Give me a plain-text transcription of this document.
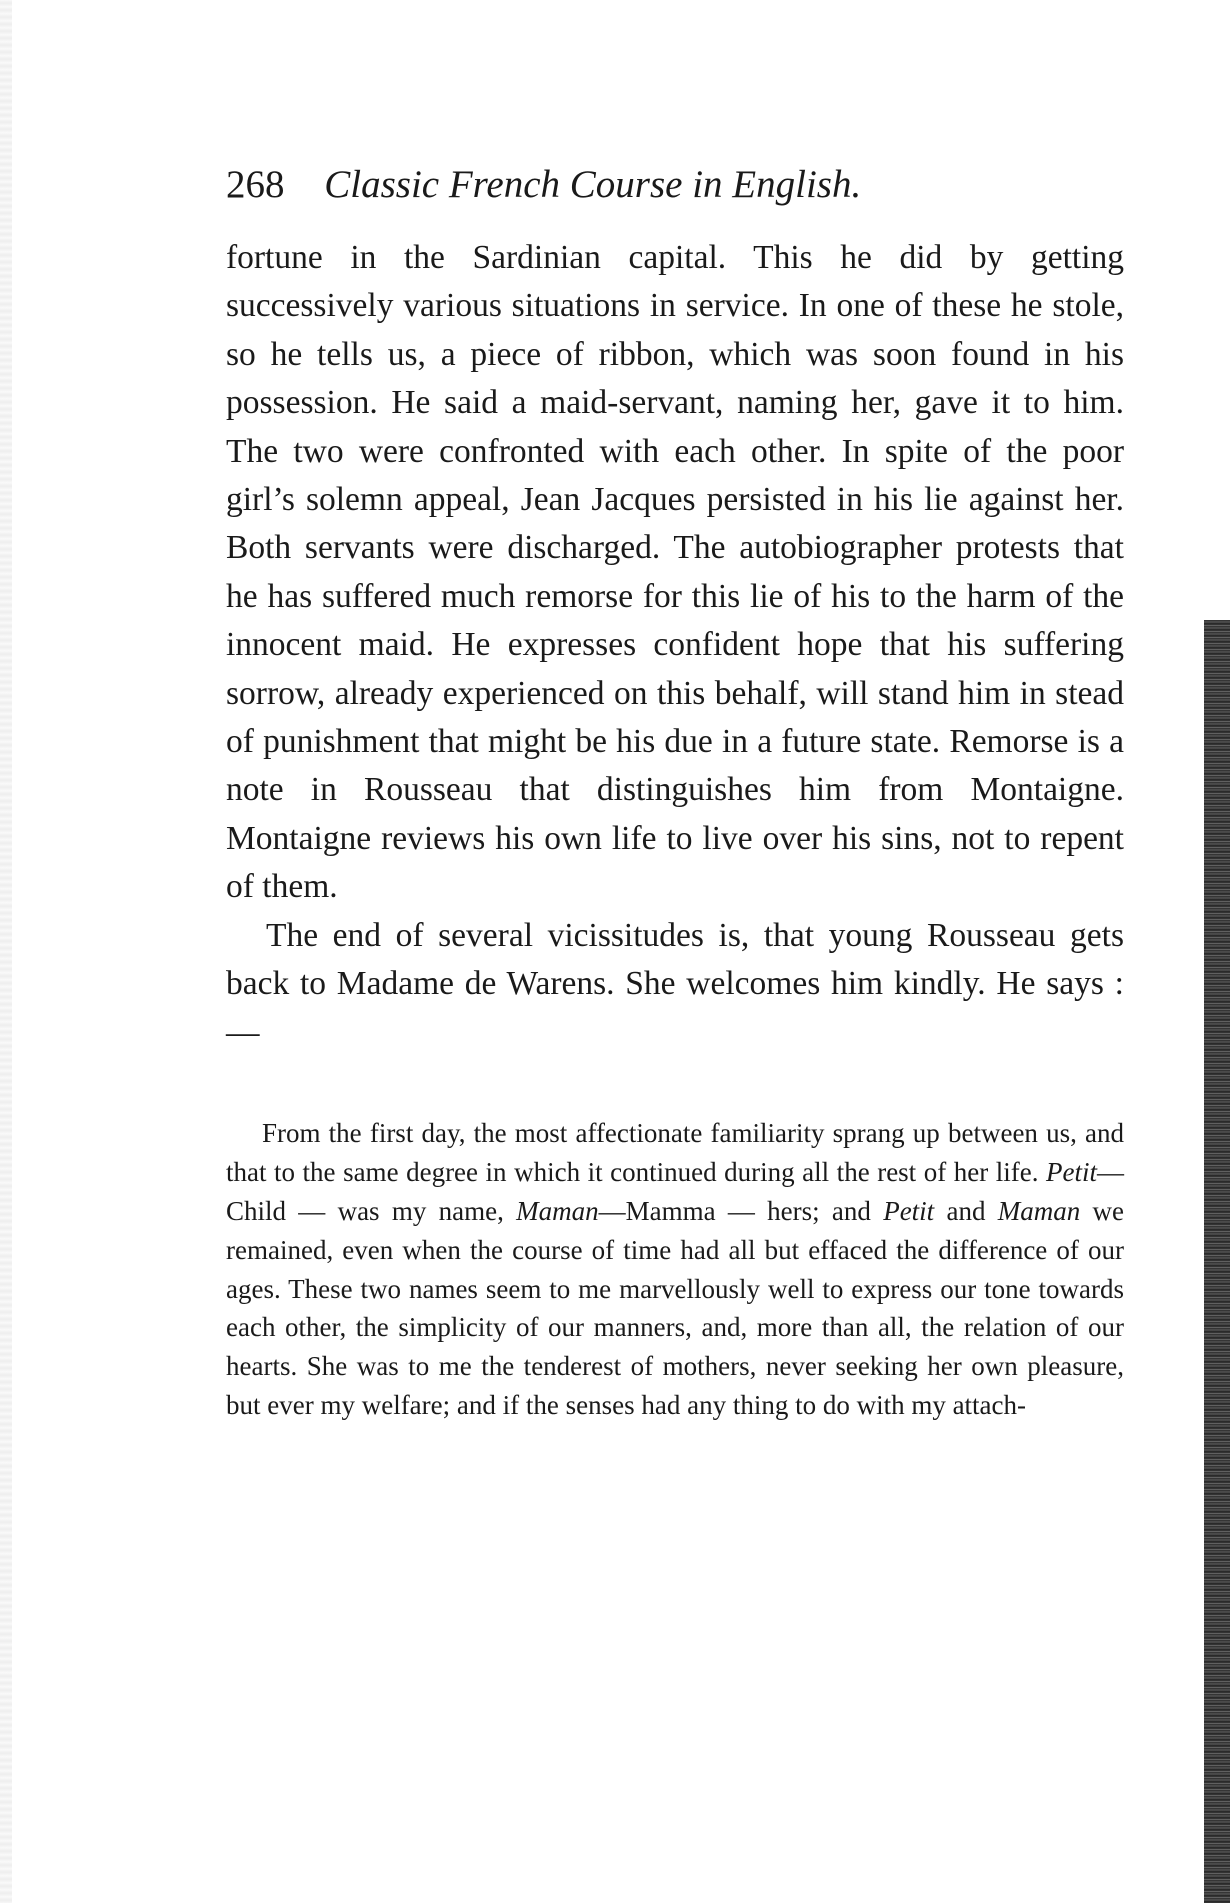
268 Classic French Course in English.

fortune in the Sardinian capital. This he did by getting successively various situations in service. In one of these he stole, so he tells us, a piece of ribbon, which was soon found in his possession. He said a maid-servant, naming her, gave it to him. The two were confronted with each other. In spite of the poor girl’s solemn appeal, Jean Jacques persisted in his lie against her. Both servants were discharged. The autobiographer protests that he has suffered much remorse for this lie of his to the harm of the innocent maid. He expresses confident hope that his suffering sorrow, already experienced on this behalf, will stand him in stead of punishment that might be his due in a future state. Remorse is a note in Rousseau that distinguishes him from Montaigne. Montaigne reviews his own life to live over his sins, not to repent of them.

The end of several vicissitudes is, that young Rousseau gets back to Madame de Warens. She welcomes him kindly. He says : —

From the first day, the most affectionate familiarity sprang up between us, and that to the same degree in which it continued during all the rest of her life. Petit—Child — was my name, Maman—Mamma — hers; and Petit and Maman we remained, even when the course of time had all but effaced the difference of our ages. These two names seem to me marvellously well to express our tone towards each other, the simplicity of our manners, and, more than all, the relation of our hearts. She was to me the tenderest of mothers, never seeking her own pleasure, but ever my welfare; and if the senses had any thing to do with my attach-
